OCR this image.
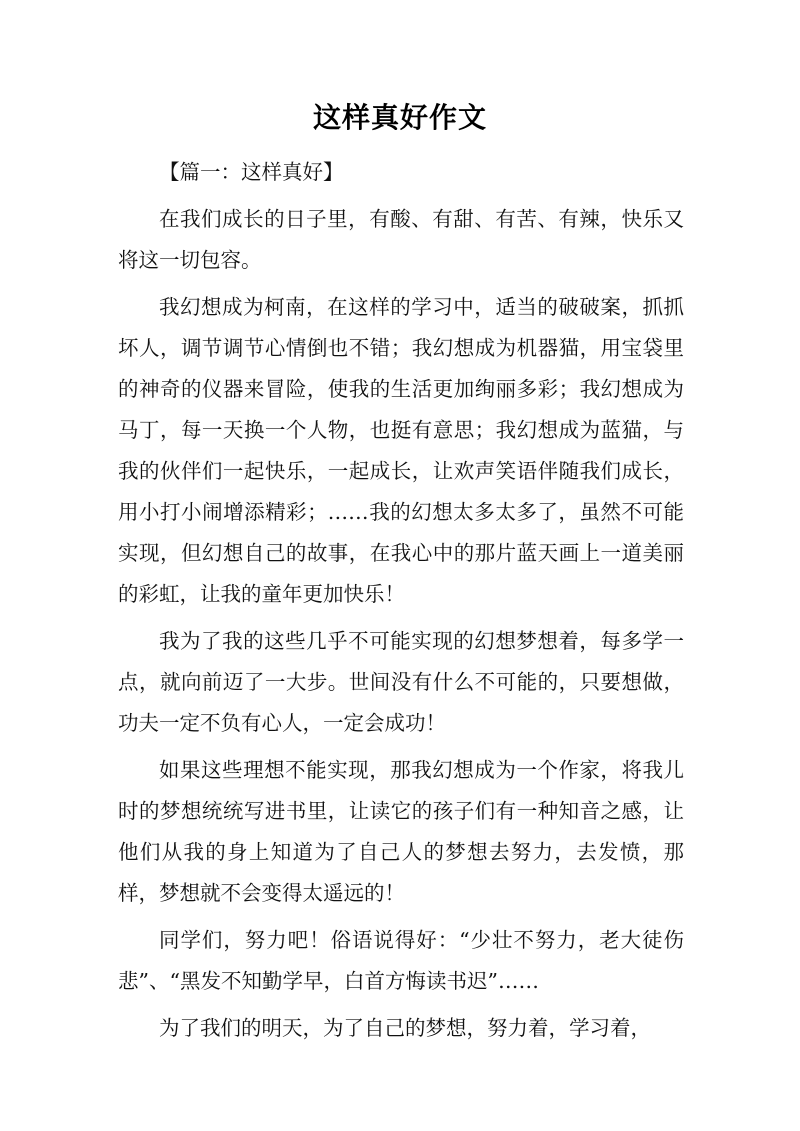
这样真好作文

【篇一：这样真好】

在我们成长的日子里，有酸、有甜、有苦、有辣，快乐又将这一切包容。

我幻想成为柯南，在这样的学习中，适当的破破案，抓抓坏人，调节调节心情倒也不错；我幻想成为机器猫，用宝袋里的神奇的仪器来冒险，使我的生活更加绚丽多彩；我幻想成为马丁，每一天换一个人物，也挺有意思；我幻想成为蓝猫，与我的伙伴们一起快乐，一起成长，让欢声笑语伴随我们成长，用小打小闹增添精彩；……我的幻想太多太多了，虽然不可能实现，但幻想自己的故事，在我心中的那片蓝天画上一道美丽的彩虹，让我的童年更加快乐！

我为了我的这些几乎不可能实现的幻想梦想着，每多学一点，就向前迈了一大步。世间没有什么不可能的，只要想做，功夫一定不负有心人，一定会成功！

如果这些理想不能实现，那我幻想成为一个作家，将我儿时的梦想统统写进书里，让读它的孩子们有一种知音之感，让他们从我的身上知道为了自己人的梦想去努力，去发愤，那样，梦想就不会变得太遥远的！

同学们，努力吧！俗语说得好：“少壮不努力，老大徒伤悲”、“黑发不知勤学早，白首方悔读书迟”……

为了我们的明天，为了自己的梦想，努力着，学习着，
